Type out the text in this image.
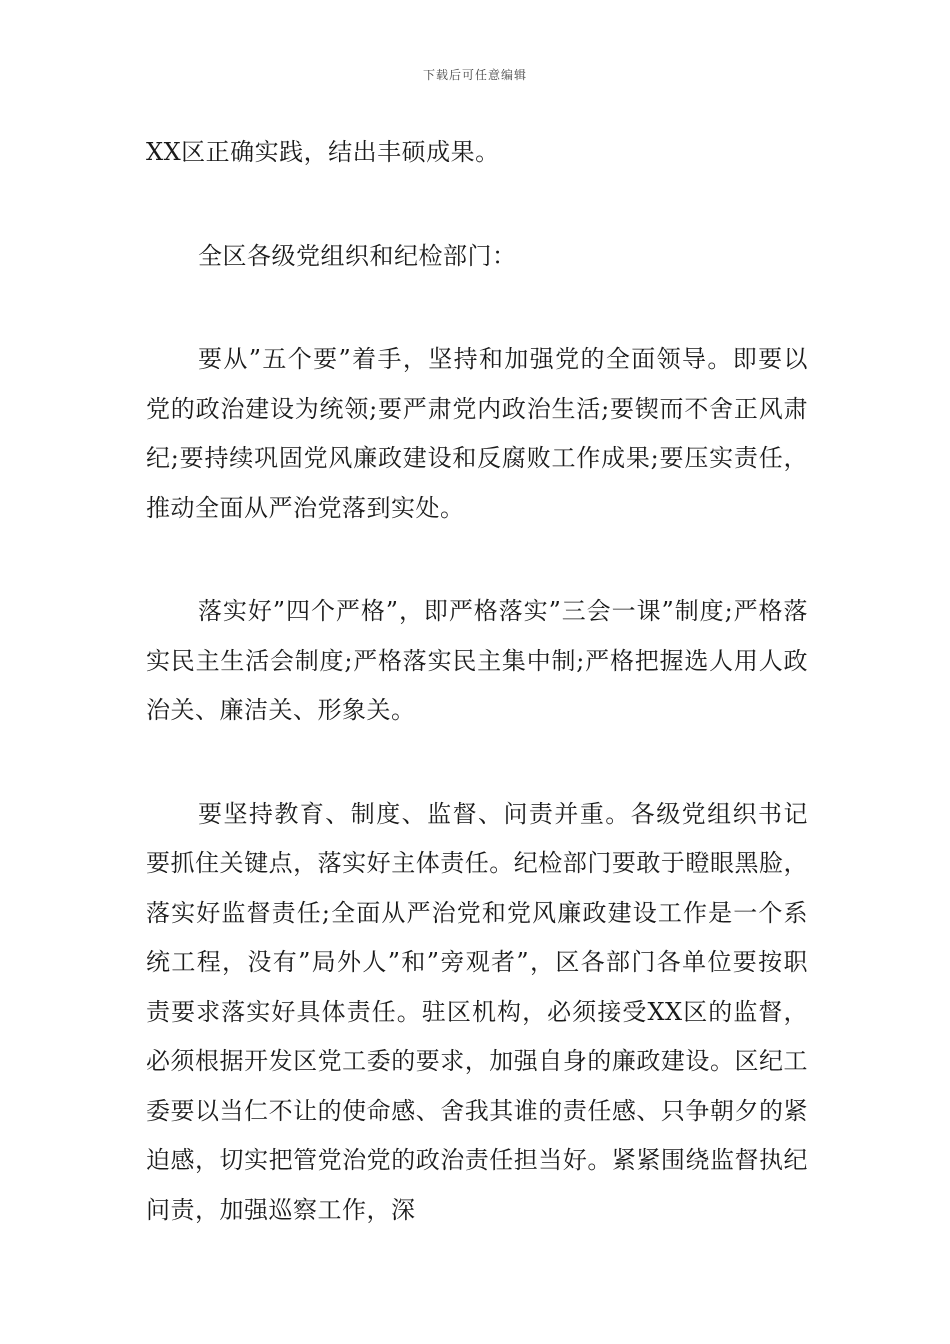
下载后可任意编辑

XX区正确实践，结出丰硕成果。

全区各级党组织和纪检部门：

要从”五个要”着手，坚持和加强党的全面领导。即要以党的政治建设为统领;要严肃党内政治生活;要锲而不舍正风肃纪;要持续巩固党风廉政建设和反腐败工作成果;要压实责任，推动全面从严治党落到实处。

落实好”四个严格”，即严格落实”三会一课”制度;严格落实民主生活会制度;严格落实民主集中制;严格把握选人用人政治关、廉洁关、形象关。

要坚持教育、制度、监督、问责并重。各级党组织书记要抓住关键点，落实好主体责任。纪检部门要敢于瞪眼黑脸，落实好监督责任;全面从严治党和党风廉政建设工作是一个系统工程，没有”局外人”和”旁观者”，区各部门各单位要按职责要求落实好具体责任。驻区机构，必须接受XX区的监督，必须根据开发区党工委的要求，加强自身的廉政建设。区纪工委要以当仁不让的使命感、舍我其谁的责任感、只争朝夕的紧迫感，切实把管党治党的政治责任担当好。紧紧围绕监督执纪问责，加强巡察工作，深
